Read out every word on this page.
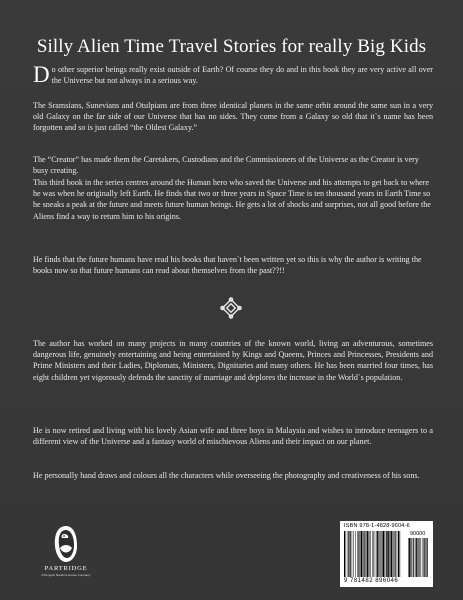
Silly Alien Time Travel Stories for really Big Kids
Do other superior beings really exist outside of Earth? Of course they do and in this book they are very active all over the Universe but not always in a serious way.
The Sramsians, Sunevians and Otulpians are from three identical planets in the same orbit around the same sun in a very old Galaxy on the far side of our Universe that has no sides. They come from a Galaxy so old that it`s name has been forgotten and so is just called “the Oldest Galaxy.”
The “Creator” has made them the Caretakers, Custodians and the Commissioners of the Universe as the Creator is very busy creating.
This third book in the series centres around the Human hero who saved the Universe and his attempts to get back to where he was when he originally left Earth. He finds that two or three years in Space Time is ten thousand years in Earth Time so he sneaks a peak at the future and meets future human beings. He gets a lot of shocks and surprises, not all good before the Aliens find a way to return him to his origins.
He finds that the future humans have read his books that haven`t been written yet so this is why the author is writing the books now so that future humans can read about themselves from the past??!!
The author has worked on many projects in many countries of the known world, living an adventurous, sometimes dangerous life, genuinely entertaining and being entertained by Kings and Queens, Princes and Princesses, Presidents and Prime Ministers and their Ladies, Diplomats, Ministers, Dignitaries and many others. He has been married four times, has eight children yet vigorously defends the sanctity of marriage and deplores the increase in the World`s population.
He is now retired and living with his lovely Asian wife and three boys in Malaysia and wishes to introduce teenagers to a different view of the Universe and a fantasy world of mischievous Aliens and their impact on our planet.
He personally hand draws and colours all the characters while overseeing the photography and creativeness of his sons.
PARTRIDGE
A Penguin Random House Company
ISBN 978-1-4828-9604-6
90000
9 781482 896046
